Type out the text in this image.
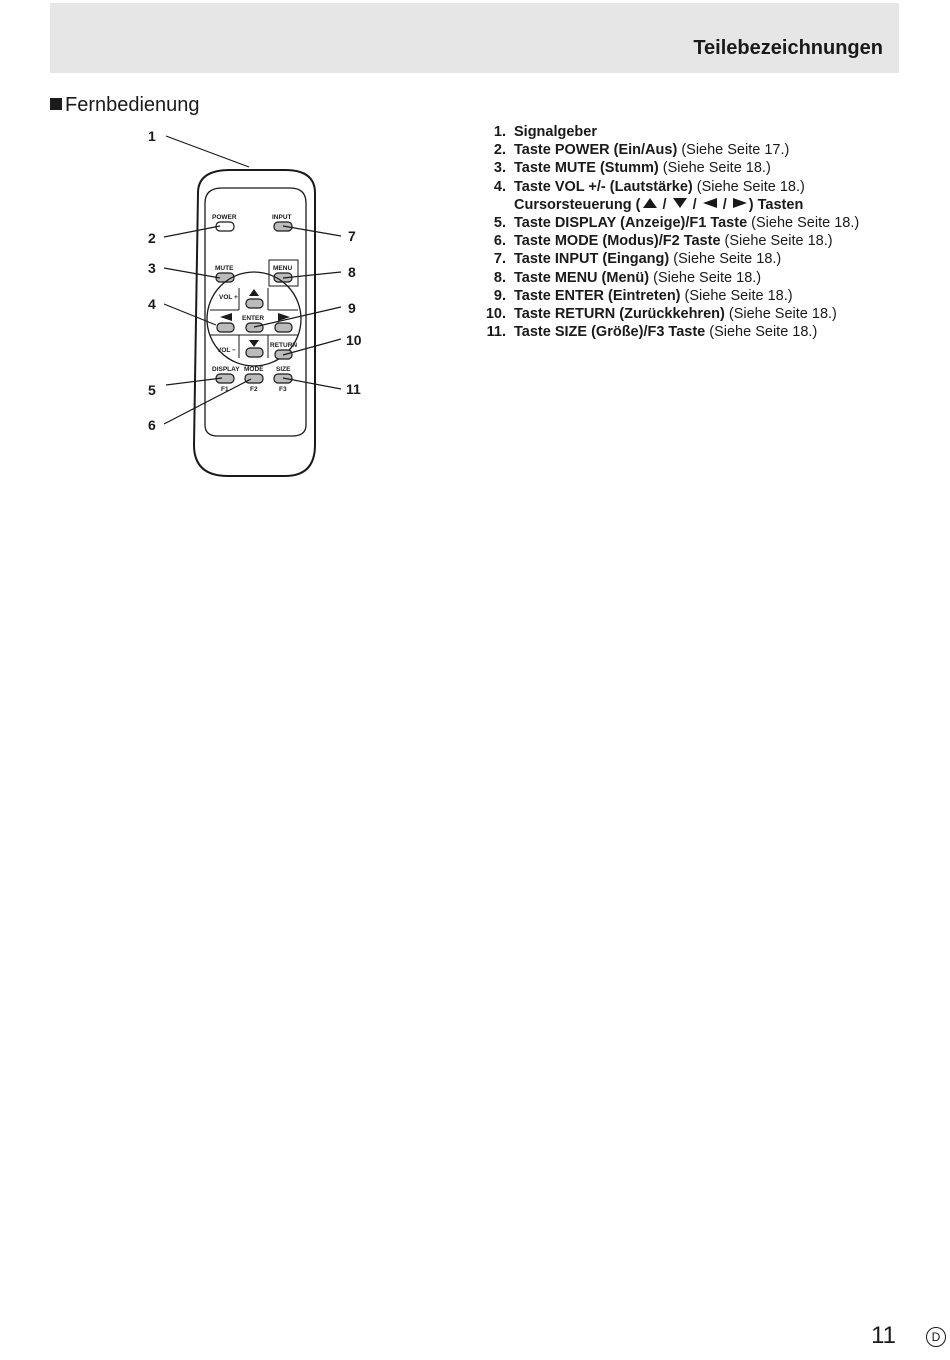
Teilebezeichnungen
Fernbedienung
POWER	INPUT
MUTE	MENU
VOL +
ENTER
VOL −
RETURN
DISPLAY MODE SIZE
F1	F2	F3
1
2
3
4
5
6
7
8
9
10
11
1. Signalgeber
2. Taste POWER (Ein/Aus) (Siehe Seite 17.)
3. Taste MUTE (Stumm) (Siehe Seite 18.)
4. Taste VOL +/- (Lautstärke) (Siehe Seite 18.)
Cursorsteuerung ( / / / ) Tasten
5. Taste DISPLAY (Anzeige)/F1 Taste (Siehe Seite 18.)
6. Taste MODE (Modus)/F2 Taste (Siehe Seite 18.)
7. Taste INPUT (Eingang) (Siehe Seite 18.)
8. Taste MENU (Menü) (Siehe Seite 18.)
9. Taste ENTER (Eintreten) (Siehe Seite 18.)
10. Taste RETURN (Zurückkehren) (Siehe Seite 18.)
11. Taste SIZE (Größe)/F3 Taste (Siehe Seite 18.)
11	D
